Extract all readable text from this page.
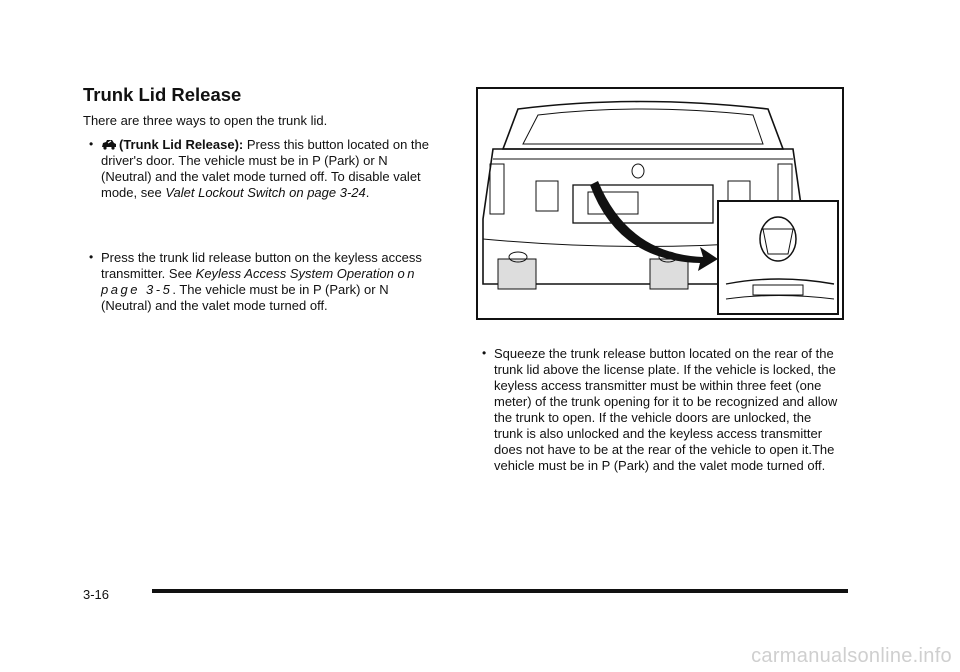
Trunk Lid Release

There are three ways to open the trunk lid.

• (Trunk Lid Release): Press this button located on the driver's door. The vehicle must be in P (Park) or N (Neutral) and the valet mode turned off. To disable valet mode, see Valet Lockout Switch on page 3-24.
• Press the trunk lid release button on the keyless access transmitter. See Keyless Access System Operation on page 3-5. The vehicle must be in P (Park) or N (Neutral) and the valet mode turned off.
• Squeeze the trunk release button located on the rear of the trunk lid above the license plate. If the vehicle is locked, the keyless access transmitter must be within three feet (one meter) of the trunk opening for it to be recognized and allow the trunk to open. If the vehicle doors are unlocked, the trunk is also unlocked and the keyless access transmitter does not have to be at the rear of the vehicle to open it.The vehicle must be in P (Park) and the valet mode turned off.
3-16
carmanualsonline.info
